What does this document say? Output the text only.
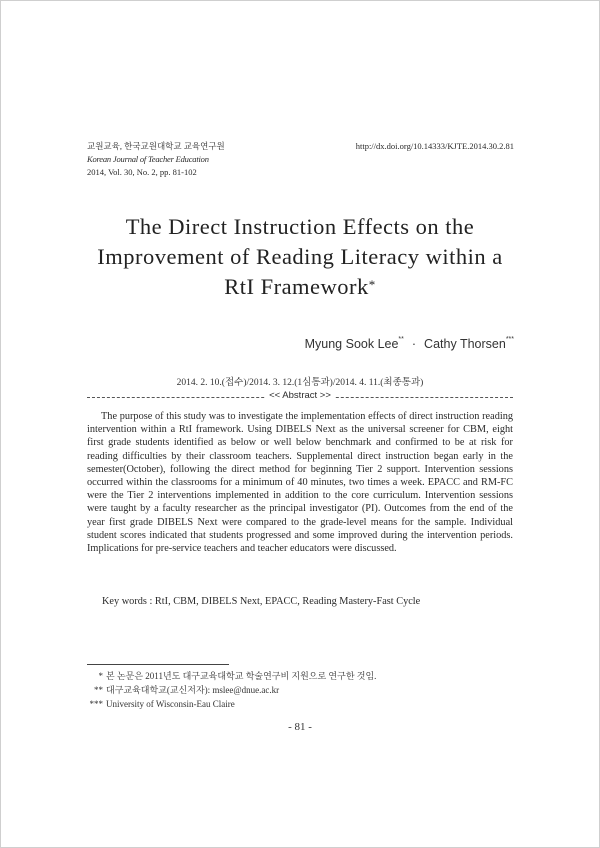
교원교육, 한국교원대학교 교육연구원
Korean Journal of Teacher Education
2014, Vol. 30, No. 2, pp. 81-102
http://dx.doi.org/10.14333/KJTE.2014.30.2.81
The Direct Instruction Effects on the
Improvement of Reading Literacy within a
RtI Framework*
Myung Sook Lee** · Cathy Thorsen***
2014. 2. 10.(접수)/2014. 3. 12.(1심통과)/2014. 4. 11.(최종통과)
<< Abstract >>
The purpose of this study was to investigate the implementation effects of direct instruction reading intervention within a RtI framework. Using DIBELS Next as the universal screener for CBM, eight first grade students identified as below or well below benchmark and confirmed to be at risk for reading difficulties by their classroom teachers. Supplemental direct instruction began early in the semester(October), following the direct method for beginning Tier 2 support. Intervention sessions occurred within the classrooms for a minimum of 40 minutes, two times a week. EPACC and RM-FC were the Tier 2 interventions implemented in addition to the core curriculum. Intervention sessions were taught by a faculty researcher as the principal investigator (PI). Outcomes from the end of the year first grade DIBELS Next were compared to the grade-level means for the sample. Individual student scores indicated that students progressed and some improved during the intervention periods. Implications for pre-service teachers and teacher educators were discussed.
Key words : RtI, CBM, DIBELS Next, EPACC, Reading Mastery-Fast Cycle
* 본 논문은 2011년도 대구교육대학교 학술연구비 지원으로 연구한 것임.
** 대구교육대학교(교신저자): mslee@dnue.ac.kr
*** University of Wisconsin-Eau Claire
- 81 -
